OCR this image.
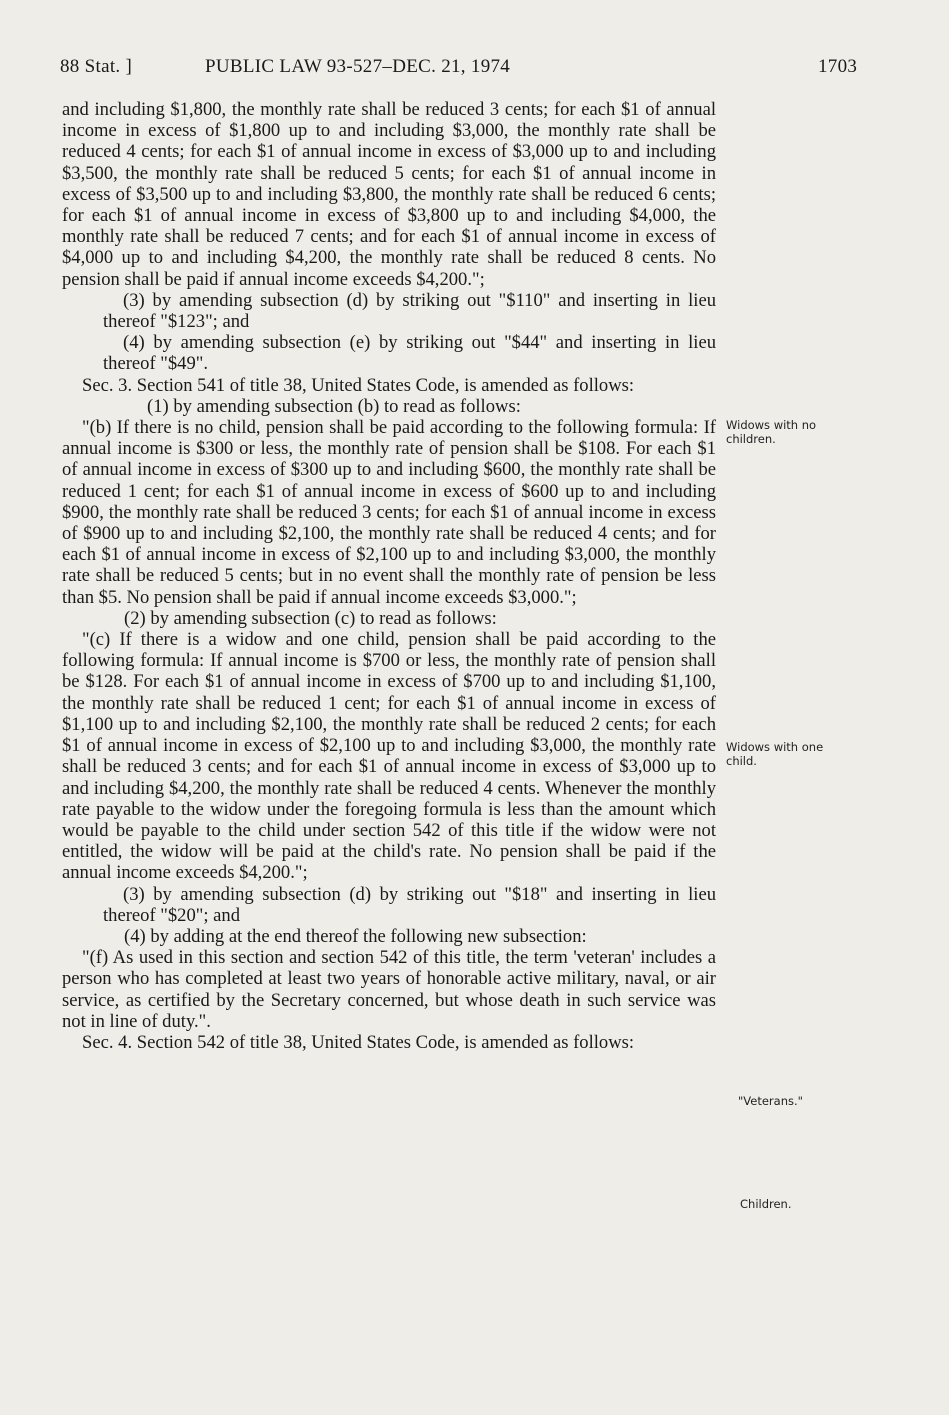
88 Stat. ]	PUBLIC LAW 93-527–DEC. 21, 1974	1703

and including $1,800, the monthly rate shall be reduced 3 cents; for each $1 of annual income in excess of $1,800 up to and including $3,000, the monthly rate shall be reduced 4 cents; for each $1 of annual income in excess of $3,000 up to and including $3,500, the monthly rate shall be reduced 5 cents; for each $1 of annual income in excess of $3,500 up to and including $3,800, the monthly rate shall be reduced 6 cents; for each $1 of annual income in excess of $3,800 up to and including $4,000, the monthly rate shall be reduced 7 cents; and for each $1 of annual income in excess of $4,000 up to and including $4,200, the monthly rate shall be reduced 8 cents. No pension shall be paid if annual income exceeds $4,200.";

(3) by amending subsection (d) by striking out "$110" and inserting in lieu thereof "$123"; and

(4) by amending subsection (e) by striking out "$44" and inserting in lieu thereof "$49".

Sec. 3. Section 541 of title 38, United States Code, is amended as follows:

(1) by amending subsection (b) to read as follows:

"(b) If there is no child, pension shall be paid according to the following formula: If annual income is $300 or less, the monthly rate of pension shall be $108. For each $1 of annual income in excess of $300 up to and including $600, the monthly rate shall be reduced 1 cent; for each $1 of annual income in excess of $600 up to and including $900, the monthly rate shall be reduced 3 cents; for each $1 of annual income in excess of $900 up to and including $2,100, the monthly rate shall be reduced 4 cents; and for each $1 of annual income in excess of $2,100 up to and including $3,000, the monthly rate shall be reduced 5 cents; but in no event shall the monthly rate of pension be less than $5. No pension shall be paid if annual income exceeds $3,000.";

(2) by amending subsection (c) to read as follows:

"(c) If there is a widow and one child, pension shall be paid according to the following formula: If annual income is $700 or less, the monthly rate of pension shall be $128. For each $1 of annual income in excess of $700 up to and including $1,100, the monthly rate shall be reduced 1 cent; for each $1 of annual income in excess of $1,100 up to and including $2,100, the monthly rate shall be reduced 2 cents; for each $1 of annual income in excess of $2,100 up to and including $3,000, the monthly rate shall be reduced 3 cents; and for each $1 of annual income in excess of $3,000 up to and including $4,200, the monthly rate shall be reduced 4 cents. Whenever the monthly rate payable to the widow under the foregoing formula is less than the amount which would be payable to the child under section 542 of this title if the widow were not entitled, the widow will be paid at the child's rate. No pension shall be paid if the annual income exceeds $4,200.";

(3) by amending subsection (d) by striking out "$18" and inserting in lieu thereof "$20"; and

(4) by adding at the end thereof the following new subsection:

"(f) As used in this section and section 542 of this title, the term 'veteran' includes a person who has completed at least two years of honorable active military, naval, or air service, as certified by the Secretary concerned, but whose death in such service was not in line of duty.".

Sec. 4. Section 542 of title 38, United States Code, is amended as follows:

Widows with no children.
Widows with one child.
"Veterans."
Children.
